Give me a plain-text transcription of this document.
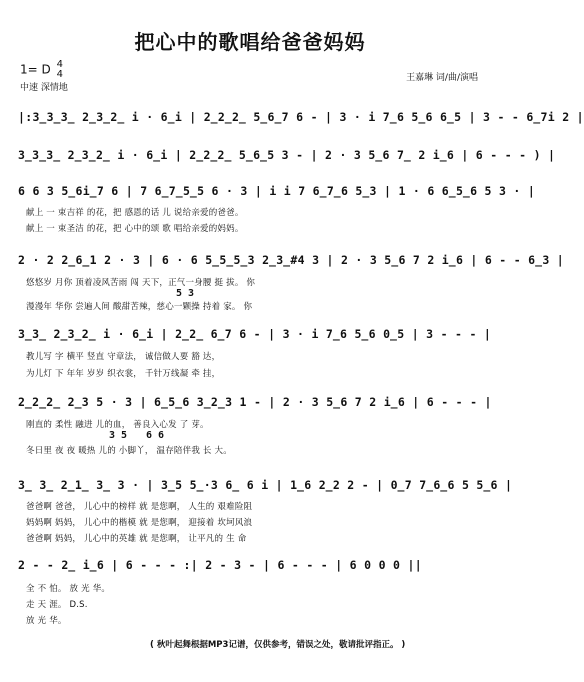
把心中的歌唱给爸爸妈妈
1= D 4
4
中速 深情地
王嘉琳 词/曲/演唱
|:3̲3̲3̲ 2̲3̲2̲ i · 6̲i | 2̲2̲2̲ 5̲6̲7 6 - | 3 · i 7̲6 5̲6 6̲5 | 3 - - 6̲7i 2 |
3̲3̲3̲ 2̲3̲2̲ i · 6̲i | 2̲2̲2̲ 5̲6̲5 3 - | 2 · 3 5̲6 7̲ 2 i̲6 | 6 - - - ) |
6 6 3 5̲6i̲7 6 | 7 6̲7̲5̲5 6 · 3 | i i 7 6̲7̲6 5̲3 | 1 · 6 6̲5̲6 5 3 · |
献上 一 束吉祥 的花，把 感恩的话 儿 说给亲爱的爸爸。
献上 一 束圣洁 的花，把 心中的颂 歌 唱给亲爱的妈妈。
2 · 2 2̲6̲1 2 · 3 | 6 · 6 5̲5̲5̲3 2̲3̲#4 3 | 2 · 3 5̲6 7 2 i̲6 | 6 - - 6̲3 |
悠悠岁 月你 顶着凌风苦雨 闯 天下，正气一身腰 挺 拔。 你
5 3
漫漫年 华你 尝遍人间 酸甜苦辣，慈心一颗操 持着 家。 你
3̲3̲ 2̲3̲2̲ i · 6̲i | 2̲2̲ 6̲7 6 - | 3 · i 7̲6 5̲6 0̲5 | 3 - - - |
教儿写 字 横平 竖直 守章法， 诚信做人要 豁 达，
为儿灯 下 年年 岁岁 织衣裳， 千针万线凝 牵 挂，
2̲2̲2̲ 2̲3 5 · 3 | 6̲5̲6 3̲2̲3 1 - | 2 · 3 5̲6 7 2 i̲6 | 6 - - - |
刚直的 柔性 融进 儿的血， 善良入心发 了 芽。
3 5 6 6
冬日里 夜 夜 暖热 儿的 小脚丫， 温存陪伴我 长 大。
3̲ 3̲ 2̲1̲ 3̲ 3 · | 3̲5 5̲·3 6̲ 6 i | 1̲6 2̲2 2 - | 0̲7 7̲6̲6 5 5̲6 |
爸爸啊 爸爸， 儿心中的榜样 就 是您啊， 人生的 艰难险阻
妈妈啊 妈妈， 儿心中的楷模 就 是您啊， 迎接着 坎坷风浪
爸爸啊 妈妈， 儿心中的英雄 就 是您啊， 让平凡的 生 命
2 - - 2̲ i̲6 | 6 - - - :| 2 - 3 - | 6 - - - | 6 0 0 0 ||
全 不 怕。 放 光 华。
走 天 涯。 D.S.
放 光 华。
( 秋叶起舞根据MP3记谱，仅供参考，错误之处，敬请批评指正。 )
